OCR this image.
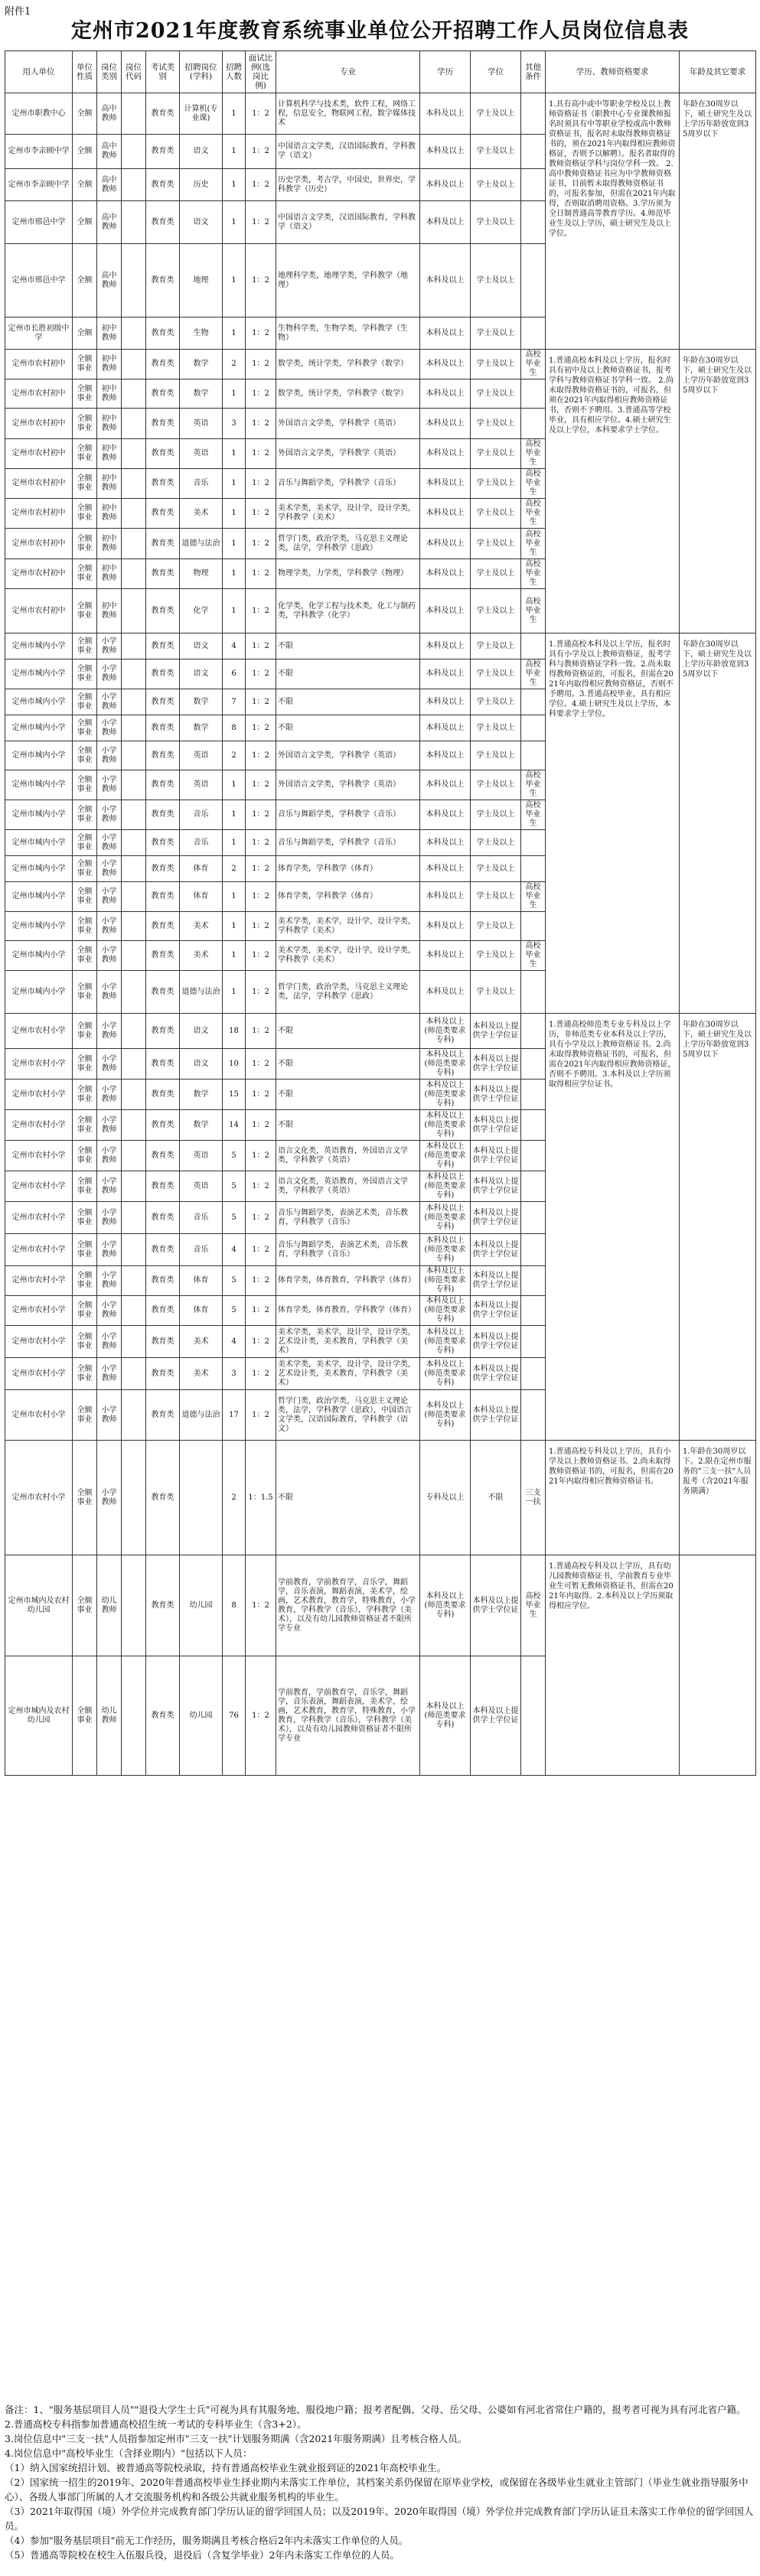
附件1
定州市2021年度教育系统事业单位公开招聘工作人员岗位信息表
用人单位	单位性质	岗位类别	岗位代码	考试类别	招聘岗位(学科)	招聘人数	面试比例(选岗比例)	专业	学历	学位	其他条件	学历、教师资格要求	年龄及其它要求
定州市职教中心	全额	高中教师		教育类	计算机(专业课)	1	1：2	计算机科学与技术类，软件工程，网络工程，信息安全，物联网工程，数字媒体技术	本科及以上	学士及以上		1.具有高中或中等职业学校及以上教师资格证书（职教中心专业课教师报名时须具有中等职业学校或高中教师资格证书，报名时未取得教师资格证书的，须在2021年内取得相应教师资格证，否则予以解聘）。报名者取得的教师资格证学科与岗位学科一致。 2.高中教师资格证书应为中学教师资格证书，目前暂未取得教师资格证书的，可报名参加，但需在2021年内取得，否则取消聘用资格。3.学历须为全日制普通高等教育学历。4.师范毕业生及以上学历，硕士研究生及以上学位。	年龄在30周岁以下，硕士研究生及以上学历年龄放宽到35周岁以下
定州市李亲顾中学	全额	高中教师		教育类	语文	1	1：2	中国语言文学类，汉语国际教育，学科教学（语文）	本科及以上	学士及以上			
定州市李亲顾中学	全额	高中教师		教育类	历史	1	1：2	历史学类，考古学，中国史，世界史，学科教学（历史）	本科及以上	学士及以上			
定州市邢邑中学	全额	高中教师		教育类	语文	1	1：2	中国语言文学类，汉语国际教育，学科教学（语文）	本科及以上	学士及以上			
定州市邢邑中学	全额	高中教师		教育类	地理	1	1：2	地理科学类，地理学类，学科教学（地理）	本科及以上	学士及以上			
定州市长胜初级中学	全额	初中教师		教育类	生物	1	1：2	生物科学类，生物学类，学科教学（生物）	本科及以上	学士及以上			
定州市农村初中	全额事业	初中教师		教育类	数学	2	1：2	数学类，统计学类，学科教学（数学）	本科及以上	学士及以上	高校毕业生	1.普通高校本科及以上学历，报名时具有初中及以上教师资格证书，报考学科与教师资格证书学科一致。 2.尚未取得教师资格证书的，可报名，但须在2021年内取得相应教师资格证书，否则不予聘用。3.普通高等学校毕业，具有相应学位。4.硕士研究生及以上学位，本科要求学士学位。	年龄在30周岁以下，硕士研究生及以上学历年龄放宽到35周岁以下
定州市农村初中	全额事业	初中教师		教育类	数学	1	1：2	数学类，统计学类，学科教学（数学）	本科及以上	学士及以上			
定州市农村初中	全额事业	初中教师		教育类	英语	3	1：2	外国语言文学类，学科教学（英语）	本科及以上	学士及以上			
定州市农村初中	全额事业	初中教师		教育类	英语	1	1：2	外国语言文学类，学科教学（英语）	本科及以上	学士及以上	高校毕业生		
定州市农村初中	全额事业	初中教师		教育类	音乐	1	1：2	音乐与舞蹈学类，学科教学（音乐）	本科及以上	学士及以上	高校毕业生		
定州市农村初中	全额事业	初中教师		教育类	美术	1	1：2	美术学类，美术学，设计学，设计学类，学科教学（美术）	本科及以上	学士及以上	高校毕业生		
定州市农村初中	全额事业	初中教师		教育类	道德与法治	1	1：2	哲学门类，政治学类，马克思主义理论类，法学，学科教学（思政）	本科及以上	学士及以上	高校毕业生		
定州市农村初中	全额事业	初中教师		教育类	物理	1	1：2	物理学类，力学类，学科教学（物理）	本科及以上	学士及以上	高校毕业生		
定州市农村初中	全额事业	初中教师		教育类	化学	1	1：2	化学类，化学工程与技术类，化工与制药类，学科教学（化学）	本科及以上	学士及以上	高校毕业生		
定州市城内小学	全额事业	小学教师		教育类	语文	4	1：2	不限	本科及以上	学士及以上		1.普通高校本科及以上学历，报名时具有小学及以上教师资格证，报考学科与教师资格证学科一致。2.尚未取得教师资格证的，可报名，但需在2021年内取得相应教师资格证，否则不予聘用。3.普通高校毕业，具有相应学位。4.硕士研究生及以上学历，本科要求学士学位。	年龄在30周岁以下，硕士研究生及以上学历年龄放宽到35周岁以下
定州市城内小学	全额事业	小学教师		教育类	语文	6	1：2	不限	本科及以上	学士及以上	高校毕业生		
定州市城内小学	全额事业	小学教师		教育类	数学	7	1：2	不限	本科及以上	学士及以上			
定州市城内小学	全额事业	小学教师		教育类	数学	8	1：2	不限	本科及以上	学士及以上			
定州市城内小学	全额事业	小学教师		教育类	英语	2	1：2	外国语言文学类，学科教学（英语）	本科及以上	学士及以上			
定州市城内小学	全额事业	小学教师		教育类	英语	1	1：2	外国语言文学类，学科教学（英语）	本科及以上	学士及以上	高校毕业生		
定州市城内小学	全额事业	小学教师		教育类	音乐	1	1：2	音乐与舞蹈学类，学科教学（音乐）	本科及以上	学士及以上	高校毕业生		
定州市城内小学	全额事业	小学教师		教育类	音乐	1	1：2	音乐与舞蹈学类，学科教学（音乐）	本科及以上	学士及以上			
定州市城内小学	全额事业	小学教师		教育类	体育	2	1：2	体育学类，学科教学（体育）	本科及以上	学士及以上			
定州市城内小学	全额事业	小学教师		教育类	体育	1	1：2	体育学类，学科教学（体育）	本科及以上	学士及以上	高校毕业生		
定州市城内小学	全额事业	小学教师		教育类	美术	1	1：2	美术学类，美术学，设计学，设计学类，学科教学（美术）	本科及以上	学士及以上			
定州市城内小学	全额事业	小学教师		教育类	美术	1	1：2	美术学类，美术学，设计学，设计学类，学科教学（美术）	本科及以上	学士及以上	高校毕业生		
定州市城内小学	全额事业	小学教师		教育类	道德与法治	1	1：2	哲学门类，政治学类，马克思主义理论类，法学，学科教学（思政）	本科及以上	学士及以上			
定州市农村小学	全额事业	小学教师		教育类	语文	18	1：2	不限	本科及以上(师范类要求专科)	本科及以上提供学士学位证		1.普通高校师范类专业专科及以上学历，非师范类专业本科及以上学历，具有小学及以上教师资格证书。2.尚未取得教师资格证书的，可报名，但需在2021年内取得相应教师资格证，否则不予聘用。3.本科及以上学历须取得相应学位证书。	年龄在30周岁以下，硕士研究生及以上学历年龄放宽到35周岁以下
定州市农村小学	全额事业	小学教师		教育类	语文	10	1：2	不限	本科及以上(师范类要求专科)	本科及以上提供学士学位证			
定州市农村小学	全额事业	小学教师		教育类	数学	15	1：2	不限	本科及以上(师范类要求专科)	本科及以上提供学士学位证			
定州市农村小学	全额事业	小学教师		教育类	数学	14	1：2	不限	本科及以上(师范类要求专科)	本科及以上提供学士学位证			
定州市农村小学	全额事业	小学教师		教育类	英语	5	1：2	语言文化类，英语教育，外国语言文学类，学科教学（英语）	本科及以上(师范类要求专科)	本科及以上提供学士学位证			
定州市农村小学	全额事业	小学教师		教育类	英语	5	1：2	语言文化类，英语教育，外国语言文学类，学科教学（英语）	本科及以上(师范类要求专科)	本科及以上提供学士学位证			
定州市农村小学	全额事业	小学教师		教育类	音乐	5	1：2	音乐与舞蹈学类，表演艺术类，音乐教育，学科教学（音乐）	本科及以上(师范类要求专科)	本科及以上提供学士学位证			
定州市农村小学	全额事业	小学教师		教育类	音乐	4	1：2	音乐与舞蹈学类，表演艺术类，音乐教育，学科教学（音乐）	本科及以上(师范类要求专科)	本科及以上提供学士学位证			
定州市农村小学	全额事业	小学教师		教育类	体育	5	1：2	体育学类，体育教育，学科教学（体育）	本科及以上(师范类要求专科)	本科及以上提供学士学位证			
定州市农村小学	全额事业	小学教师		教育类	体育	5	1：2	体育学类，体育教育，学科教学（体育）	本科及以上(师范类要求专科)	本科及以上提供学士学位证			
定州市农村小学	全额事业	小学教师		教育类	美术	4	1：2	美术学类，美术学，设计学，设计学类，艺术设计类，美术教育，学科教学（美术）	本科及以上(师范类要求专科)	本科及以上提供学士学位证			
定州市农村小学	全额事业	小学教师		教育类	美术	3	1：2	美术学类，美术学，设计学，设计学类，艺术设计类，美术教育，学科教学（美术）	本科及以上(师范类要求专科)	本科及以上提供学士学位证			
定州市农村小学	全额事业	小学教师		教育类	道德与法治	17	1：2	哲学门类，政治学类，马克思主义理论类，法学，学科教学（思政），中国语言文学类，汉语国际教育，学科教学（语文）	本科及以上(师范类要求专科)	本科及以上提供学士学位证			
定州市农村小学	全额事业	小学教师		教育类		2	1：1.5	不限	专科及以上	不限	三支一扶	1.普通高校专科及以上学历，具有小学及以上教师资格证书。2.尚未取得教师资格证书的，可报名，但需在2021年内取得相应教师资格证书。	1.年龄在30周岁以下。2.限在定州市服务的"三支一扶"人员报考（含2021年服务期满）
定州市城内及农村幼儿园	全额事业	幼儿教师		教育类	幼儿园	8	1：2	学前教育，学前教育学，音乐学，舞蹈学，音乐表演，舞蹈表演，美术学，绘画，艺术教育，教育学，特殊教育，小学教育，学科教学（音乐），学科教学（美术），以及有幼儿园教师资格证者不限所学专业	本科及以上(师范类要求专科)	本科及以上提供学士学位证	高校毕业生	1.普通高校专科及以上学历，具有幼儿园教师资格证书，学前教育专业毕业生可暂无教师资格证书，但需在2021年内取得。2.本科及以上学历须取得相应学位。	
定州市城内及农村幼儿园	全额事业	幼儿教师		教育类	幼儿园	76	1：2	学前教育，学前教育学，音乐学，舞蹈学，音乐表演，舞蹈表演，美术学，绘画，艺术教育，教育学，特殊教育，小学教育，学科教学（音乐），学科教学（美术），以及有幼儿园教师资格证者不限所学专业	本科及以上(师范类要求专科)	本科及以上提供学士学位证			
备注：1、"服务基层项目人员""退役大学生士兵"可视为具有其服务地、服役地户籍；报考者配偶、父母、岳父母、公婆如有河北省常住户籍的，报考者可视为具有河北省户籍。
2.普通高校专科指参加普通高校招生统一考试的专科毕业生（含3+2）。
3.岗位信息中"三支一扶"人员指参加定州市"三支一扶"计划服务期满（含2021年服务期满）且考核合格人员。
4.岗位信息中"高校毕业生（含择业期内）"包括以下人员：
（1）纳入国家统招计划、被普通高等院校录取，持有普通高校毕业生就业报到证的2021年高校毕业生。
（2）国家统一招生的2019年、2020年普通高校毕业生择业期内未落实工作单位，其档案关系仍保留在原毕业学校，或保留在各级毕业生就业主管部门（毕业生就业指导服务中心）、各级人事部门所属的人才交流服务机构和各级公共就业服务机构的毕业生。
（3）2021年取得国（境）外学位并完成教育部门学历认证的留学回国人员；以及2019年、2020年取得国（境）外学位并完成教育部门学历认证且未落实工作单位的留学回国人员。
（4）参加"服务基层项目"前无工作经历，服务期满且考核合格后2年内未落实工作单位的人员。
（5）普通高等院校在校生入伍服兵役，退役后（含复学毕业）2年内未落实工作单位的人员。
